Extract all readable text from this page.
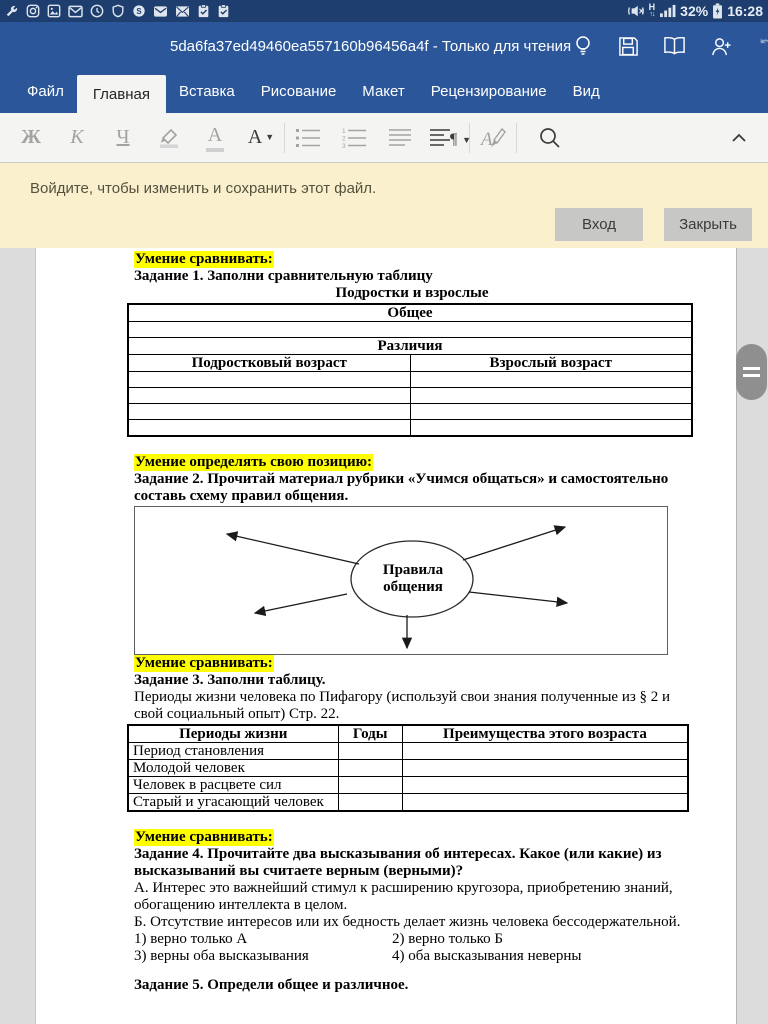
S	H
↑↓ 32% 16:28
5da6fa37ed49460ea557160b96456a4f - Только для чтения
Файл	Главная	Вставка	Рисование	Макет	Рецензирование	Вид
Ж	К	Ч	А	А ▼
1
2
3	¶ ▼ А
Войдите, чтобы изменить и сохранить этот файл.
Вход	Закрыть
Умение сравнивать:
Задание 1. Заполни сравнительную таблицу
Подростки и взрослые
Общее	

Различия	
Подростковый возраст	Взрослый возраст

Умение определять свою позицию:
Задание 2. Прочитай материал рубрики «Учимся общаться» и самостоятельно составь схему правил общения.
Правила общения
Умение сравнивать:
Задание 3. Заполни таблицу.
Периоды жизни человека по Пифагору (используй свои знания полученные из § 2 и свой социальный опыт) Стр. 22.
Периоды жизни	Годы	Преимущества этого возраста
Период становления		
Молодой человек		
Человек в расцвете сил		
Старый и угасающий человек		
Умение сравнивать:
Задание 4. Прочитайте два высказывания об интересах. Какое (или какие) из высказываний вы считаете верным (верными)?
А. Интерес это важнейший стимул к расширению кругозора, приобретению знаний, обогащению интеллекта в целом.
Б. Отсутствие интересов или их бедность делает жизнь человека бессодержательной.
1) верно только А	2) верно только Б
3) верны оба высказывания	4) оба высказывания неверны
Задание 5. Определи общее и различное.
